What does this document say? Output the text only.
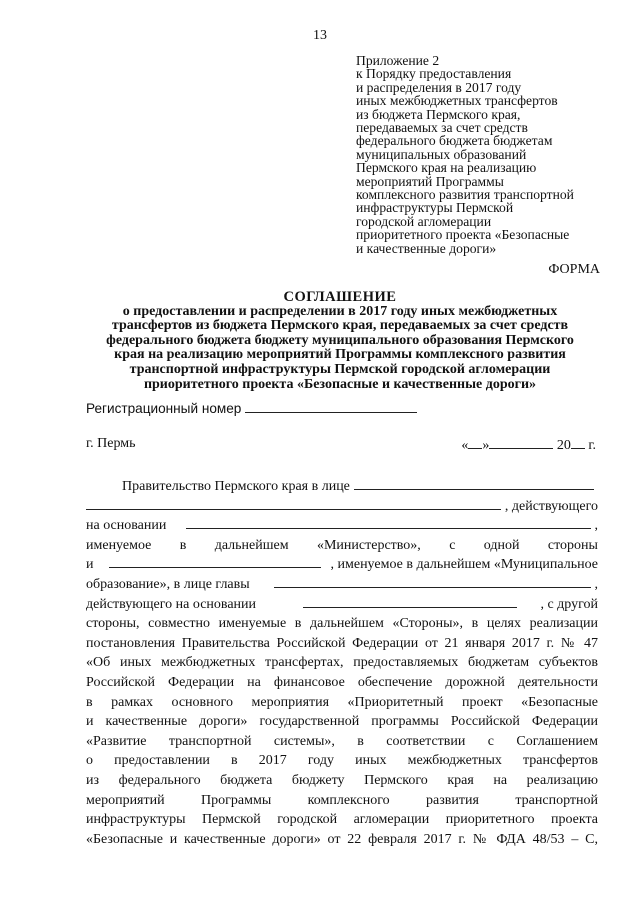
13
Приложение 2
к Порядку предоставления
и распределения в 2017 году
иных межбюджетных трансфертов
из бюджета Пермского края,
передаваемых за счет средств
федерального бюджета бюджетам
муниципальных образований
Пермского края на реализацию
мероприятий Программы
комплексного развития транспортной
инфраструктуры Пермской
городской агломерации
приоритетного проекта «Безопасные
и качественные дороги»
ФОРМА
СОГЛАШЕНИЕ
о предоставлении и распределении в 2017 году иных межбюджетных
трансфертов из бюджета Пермского края, передаваемых за счет средств
федерального бюджета бюджету муниципального образования Пермского
края на реализацию мероприятий Программы комплексного развития
транспортной инфраструктуры Пермской городской агломерации
приоритетного проекта «Безопасные и качественные дороги»
Регистрационный номер
г. Пермь	« »	20 г.
Правительство Пермского края в лице
, действующего
на основании	,
именуемое в дальнейшем «Министерство», с одной стороны
и	, именуемое в дальнейшем «Муниципальное
образование», в лице главы	,
действующего на основании	, с другой
стороны, совместно именуемые в дальнейшем «Стороны», в целях реализации
постановления Правительства Российской Федерации от 21 января 2017 г. № 47
«Об иных межбюджетных трансфертах, предоставляемых бюджетам субъектов
Российской Федерации на финансовое обеспечение дорожной деятельности
в рамках основного мероприятия «Приоритетный проект «Безопасные
и качественные дороги» государственной программы Российской Федерации
«Развитие транспортной системы», в соответствии с Соглашением
о предоставлении в 2017 году иных межбюджетных трансфертов
из федерального бюджета бюджету Пермского края на реализацию
мероприятий Программы комплексного развития транспортной
инфраструктуры Пермской городской агломерации приоритетного проекта
«Безопасные и качественные дороги» от 22 февраля 2017 г. № ФДА 48/53 – С,
